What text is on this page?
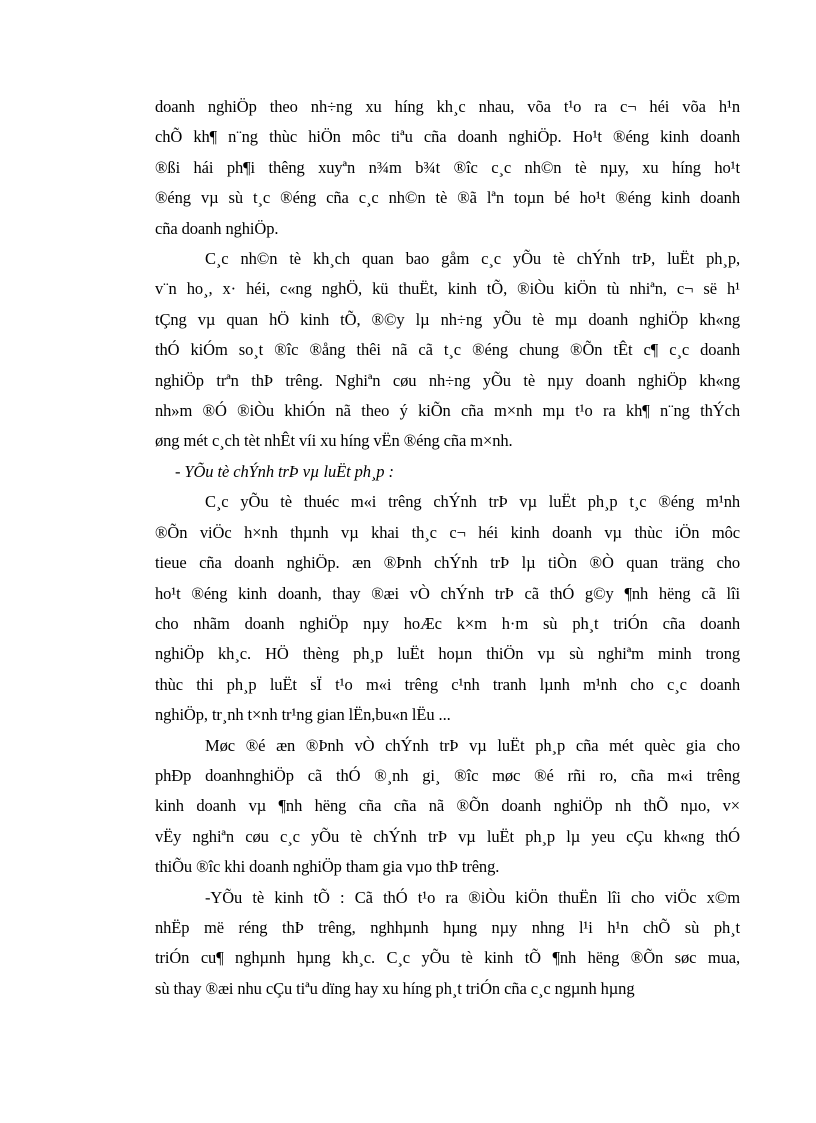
doanh nghiÖp theo nh÷ng xu híng kh¸c nhau, võa t¹o ra c¬ héi võa h¹n
chÕ kh¶ n¨ng thùc hiÖn môc tiªu cña doanh nghiÖp. Ho¹t ®éng kinh doanh
®ßi hái ph¶i thêng xuyªn n¾m b¾t ®îc c¸c nh©n tè nµy, xu híng ho¹t
®éng vµ sù t¸c ®éng cña c¸c nh©n tè ®ã lªn toµn bé ho¹t ®éng kinh doanh
cña doanh nghiÖp.
C¸c nh©n tè kh¸ch quan bao gåm c¸c yÕu tè chÝnh trÞ, luËt ph¸p,
v¨n ho¸, x· héi, c«ng nghÖ, kü thuËt, kinh tÕ, ®iÒu kiÖn tù nhiªn, c¬ së h¹
tÇng vµ quan hÖ kinh tÕ, ®©y lµ nh÷ng yÕu tè mµ doanh nghiÖp kh«ng
thÓ kiÓm so¸t ®îc ®ång thêi nã cã t¸c ®éng chung ®Õn tÊt c¶ c¸c doanh
nghiÖp trªn thÞ trêng. Nghiªn cøu nh÷ng yÕu tè nµy doanh nghiÖp kh«ng
nh»m ®Ó ®iÒu khiÓn nã theo ý kiÕn cña m×nh mµ t¹o ra kh¶ n¨ng thÝch
øng mét c¸ch tèt nhÊt víi xu híng vËn ®éng cña m×nh.
- YÕu tè chÝnh trÞ vµ luËt ph¸p :
C¸c yÕu tè thuéc m«i trêng chÝnh trÞ vµ luËt ph¸p t¸c ®éng m¹nh
®Õn viÖc h×nh thµnh vµ khai th¸c c¬ héi kinh doanh vµ thùc iÖn môc
tieue cña doanh nghiÖp. æn ®Þnh chÝnh trÞ lµ tiÒn ®Ò quan träng cho
ho¹t ®éng kinh doanh, thay ®æi vÒ chÝnh trÞ cã thÓ g©y ¶nh hëng cã lîi
cho nhãm doanh nghiÖp nµy hoÆc k×m h·m sù ph¸t triÓn cña doanh
nghiÖp kh¸c. HÖ thèng ph¸p luËt hoµn thiÖn vµ sù nghiªm minh trong
thùc thi ph¸p luËt sÏ t¹o m«i trêng c¹nh tranh lµnh m¹nh cho c¸c doanh
nghiÖp, tr¸nh t×nh tr¹ng gian lËn,bu«n lËu ...
Møc ®é æn ®Þnh vÒ chÝnh trÞ vµ luËt ph¸p cña mét quèc gia cho
phÐp doanhnghiÖp cã thÓ ®¸nh gi¸ ®îc møc ®é rñi ro, cña m«i trêng
kinh doanh vµ ¶nh hëng cña cña nã ®Õn doanh nghiÖp nh thÕ nµo, v×
vËy nghiªn cøu c¸c yÕu tè chÝnh trÞ vµ luËt ph¸p lµ yeu cÇu kh«ng thÓ
thiÕu ®îc khi doanh nghiÖp tham gia vµo thÞ trêng.
-YÕu tè kinh tÕ : Cã thÓ t¹o ra ®iÒu kiÖn thuËn lîi cho viÖc x©m
nhËp më réng thÞ trêng, nghhµnh hµng nµy nhng l¹i h¹n chÕ sù ph¸t
triÓn cu¶ nghµnh hµng kh¸c. C¸c yÕu tè kinh tÕ ¶nh hëng ®Õn søc mua,
sù thay ®æi nhu cÇu tiªu dïng hay xu híng ph¸t triÓn cña c¸c ngµnh hµng
